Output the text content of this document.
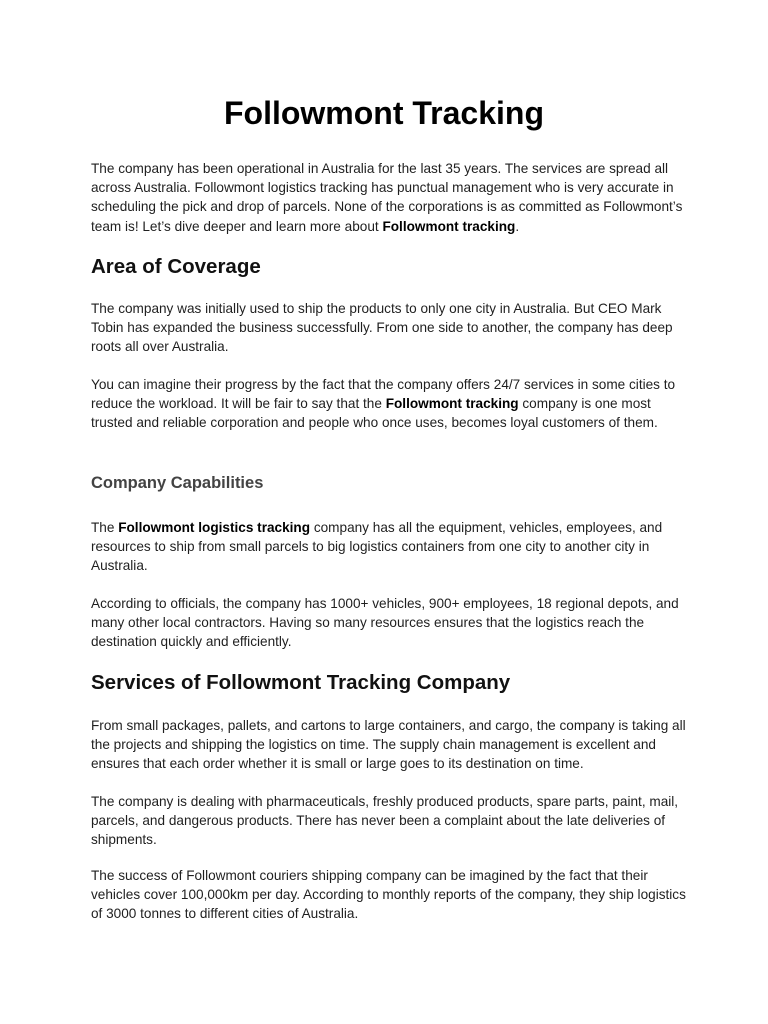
Followmont Tracking

The company has been operational in Australia for the last 35 years. The services are spread all across Australia. Followmont logistics tracking has punctual management who is very accurate in scheduling the pick and drop of parcels. None of the corporations is as committed as Followmont’s team is! Let’s dive deeper and learn more about Followmont tracking.

Area of Coverage

The company was initially used to ship the products to only one city in Australia. But CEO Mark Tobin has expanded the business successfully. From one side to another, the company has deep roots all over Australia.

You can imagine their progress by the fact that the company offers 24/7 services in some cities to reduce the workload. It will be fair to say that the Followmont tracking company is one most trusted and reliable corporation and people who once uses, becomes loyal customers of them.

Company Capabilities

The Followmont logistics tracking company has all the equipment, vehicles, employees, and resources to ship from small parcels to big logistics containers from one city to another city in Australia.

According to officials, the company has 1000+ vehicles, 900+ employees, 18 regional depots, and many other local contractors. Having so many resources ensures that the logistics reach the destination quickly and efficiently.

Services of Followmont Tracking Company

From small packages, pallets, and cartons to large containers, and cargo, the company is taking all the projects and shipping the logistics on time. The supply chain management is excellent and ensures that each order whether it is small or large goes to its destination on time.

The company is dealing with pharmaceuticals, freshly produced products, spare parts, paint, mail, parcels, and dangerous products. There has never been a complaint about the late deliveries of shipments.

The success of Followmont couriers shipping company can be imagined by the fact that their vehicles cover 100,000km per day. According to monthly reports of the company, they ship logistics of 3000 tonnes to different cities of Australia.
